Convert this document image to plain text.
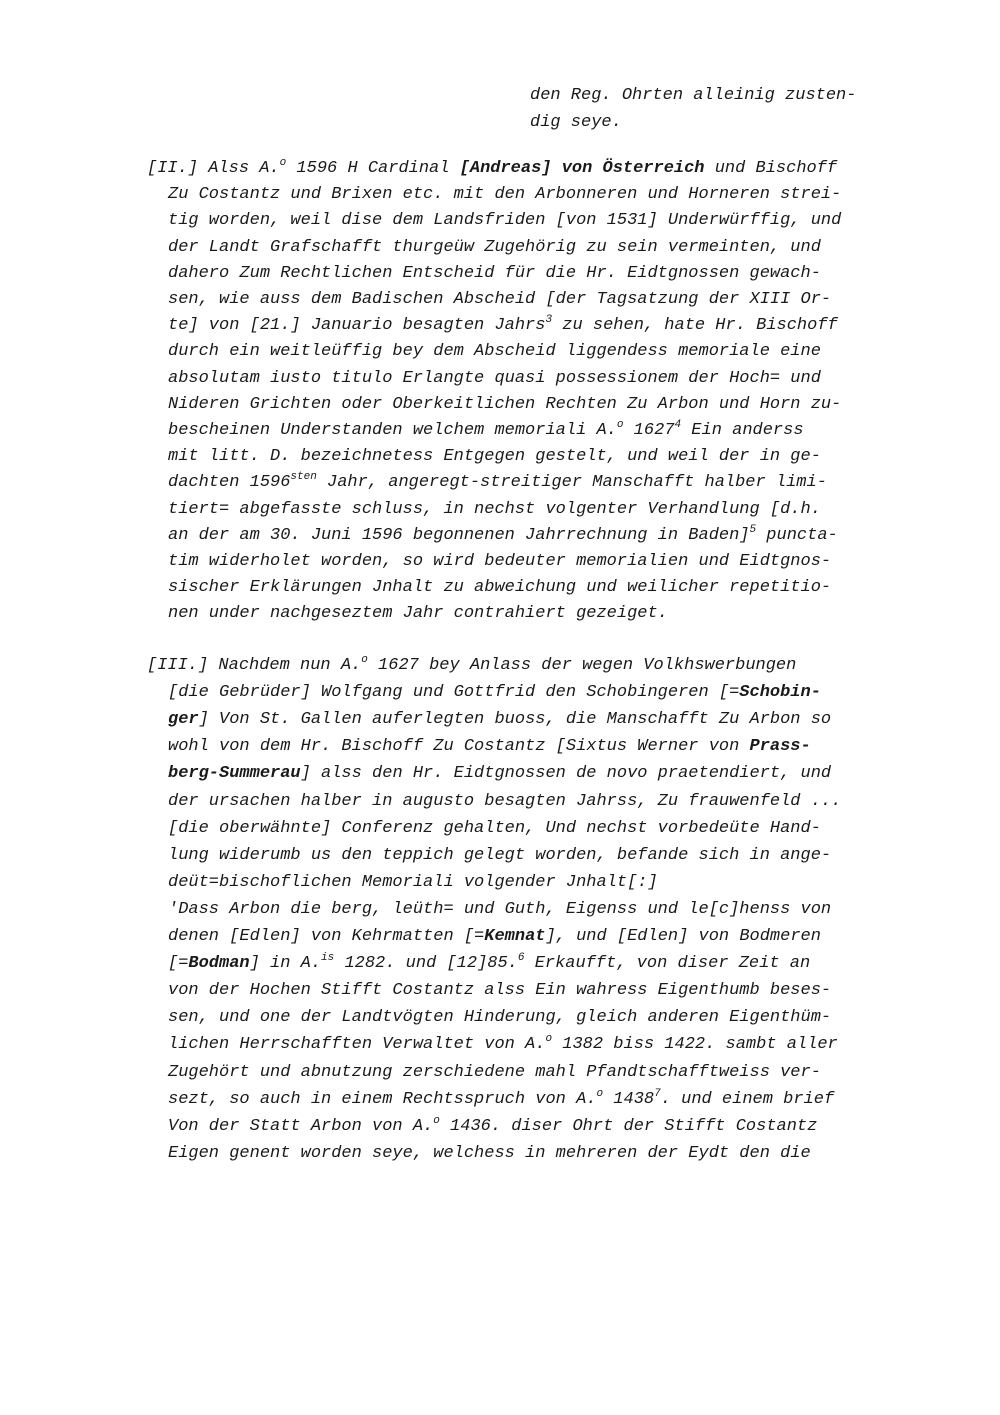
den Reg. Ohrten alleinig zusten-
dig seye.
[II.] Alss A.$^o$ 1596 H Cardinal [Andreas] von Österreich und Bischoff
Zu Costantz und Brixen etc. mit den Arbonneren und Horneren strei-
tig worden, weil dise dem Landsfriden [von 1531] Underwürffig, und
der Landt Grafschafft thurgeüw Zugehörig zu sein vermeinten, und
dahero Zum Rechtlichen Entscheid für die Hr. Eidtgnossen gewach-
sen, wie auss dem Badischen Abscheid [der Tagsatzung der XIII Or-
te] von [21.] Januario besagten Jahrs$^3$ zu sehen, hate Hr. Bischoff
durch ein weitleüffig bey dem Abscheid liggendess memoriale eine
absolutam iusto titulo Erlangte quasi possessionem der Hoch= und
Nideren Grichten oder Oberkeitlichen Rechten Zu Arbon und Horn zu-
bescheinen Understanden welchem memoriali A.$^o$ 1627$^4$ Ein anderss
mit litt. D. bezeichnetess Entgegen gestelt, und weil der in ge-
dachten $1596^{sten}$ Jahr, angeregt-streitiger Manschafft halber limi-
tiert= abgefasste schluss, in nechst volgenter Verhandlung [d.h.
an der am 30. Juni 1596 begonnenen Jahrrechnung in Baden]$^5$ puncta-
tim widerholet worden, so wird bedeuter memorialien und Eidtgnos-
sischer Erklärungen Jnhalt zu abweichung und weilicher repetitio-
nen under nachgeseztem Jahr contrahiert gezeiget.
[III.] Nachdem nun A.$^o$ 1627 bey Anlass der wegen Volkhswerbungen
[die Gebrüder] Wolfgang und Gottfrid den Schobingeren [=Schobin-
ger] Von St. Gallen auferlegten buoss, die Manschafft Zu Arbon so
wohl von dem Hr. Bischoff Zu Costantz [Sixtus Werner von Prass-
berg-Summerau] alss den Hr. Eidtgnossen de novo praetendiert, und
der ursachen halber in augusto besagten Jahrss, Zu frauwenfeld ...
[die oberwähnte] Conferenz gehalten, Und nechst vorbedeüte Hand-
lung widerumb us den teppich gelegt worden, befande sich in ange-
deüt=bischoflichen Memoriali volgender Jnhalt[:]
'Dass Arbon die berg, leüth= und Guth, Eigenss und le[c]henss von
denen [Edlen] von Kehrmatten [=Kemnat], und [Edlen] von Bodmeren
[=Bodman] in A.$^{is}$ 1282. und [12]85.$^6$ Erkaufft, von diser Zeit an
von der Hochen Stifft Costantz alss Ein wahress Eigenthumb beses-
sen, und one der Landtvögten Hinderung, gleich anderen Eigenthüm-
lichen Herrschafften Verwaltet von A.$^o$ 1382 biss 1422. sambt aller
Zugehört und abnutzung zerschiedene mahl Pfandtschafftweiss ver-
sezt, so auch in einem Rechtsspruch von A.$^o$ 1438$^7$. und einem brief
Von der Statt Arbon von A.$^o$ 1436. diser Ohrt der Stifft Costantz
Eigen genent worden seye, welchess in mehreren der Eydt den die
